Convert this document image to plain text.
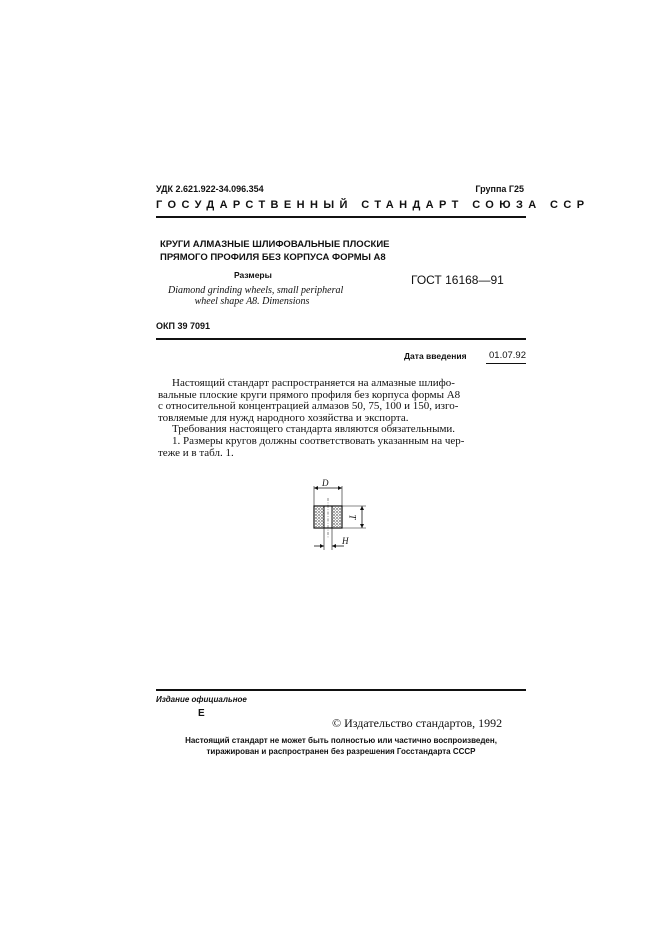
УДК 2.621.922-34.096.354	Группа Г25
ГОСУДАРСТВЕННЫЙ СТАНДАРТ СОЮЗА ССР
КРУГИ АЛМАЗНЫЕ ШЛИФОВАЛЬНЫЕ ПЛОСКИЕ
ПРЯМОГО ПРОФИЛЯ БЕЗ КОРПУСА ФОРМЫ А8
Размеры
Diamond grinding wheels, small peripheral
wheel shape A8. Dimensions
ГОСТ 16168—91
ОКП 39 7091
Дата введения 01.07.92

Настоящий стандарт распространяется на алмазные шлифо-

вальные плоские круги прямого профиля без корпуса формы А8

с относительной концентрацией алмазов 50, 75, 100 и 150, изго-

товляемые для нужд народного хозяйства и экспорта.

Требования настоящего стандарта являются обязательными.

1. Размеры кругов должны соответствовать указанным на чер-

теже и в табл. 1.

D
T
H
Издание официальное
Е
© Издательство стандартов, 1992
Настоящий стандарт не может быть полностью или частично воспроизведен,
тиражирован и распространен без разрешения Госстандарта СССР
